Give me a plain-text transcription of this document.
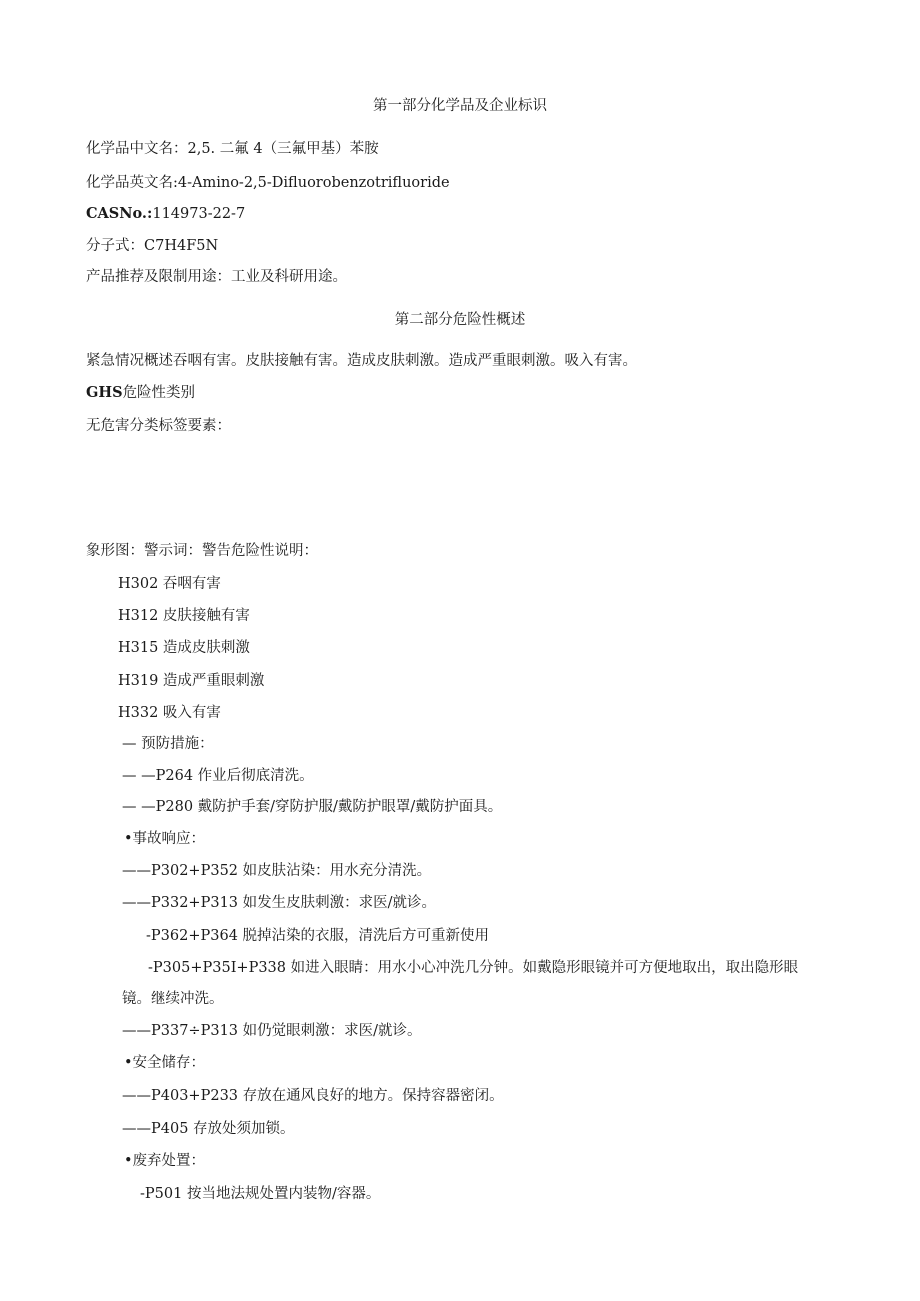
第一部分化学品及企业标识
化学品中文名：2,5. 二氟 4（三氟甲基）苯胺
化学品英文名:4-Amino-2,5-Difluorobenzotrifluoride
CASNo.:114973-22-7
分子式：C7H4F5N
产品推荐及限制用途：工业及科研用途。
第二部分危险性概述
紧急情况概述吞咽有害。皮肤接触有害。造成皮肤刺激。造成严重眼刺激。吸入有害。
GHS危险性类别
无危害分类标签要素：
象形图：警示词：警告危险性说明：
H302 吞咽有害
H312 皮肤接触有害
H315 造成皮肤刺激
H319 造成严重眼刺激
H332 吸入有害
— 预防措施：
— —P264 作业后彻底清洗。
— —P280 戴防护手套/穿防护服/戴防护眼罩/戴防护面具。
•事故响应：
——P302+P352 如皮肤沾染：用水充分清洗。
——P332+P313 如发生皮肤刺激：求医/就诊。
-P362+P364 脱掉沾染的衣服，清洗后方可重新使用
-P305+P35I+P338 如进入眼睛：用水小心冲洗几分钟。如戴隐形眼镜并可方便地取出，取出隐形眼
镜。继续冲洗。
——P337÷P313 如仍觉眼刺激：求医/就诊。
•安全储存：
——P403+P233 存放在通风良好的地方。保持容器密闭。
——P405 存放处须加锁。
•废弃处置：
-P501 按当地法规处置内装物/容器。
